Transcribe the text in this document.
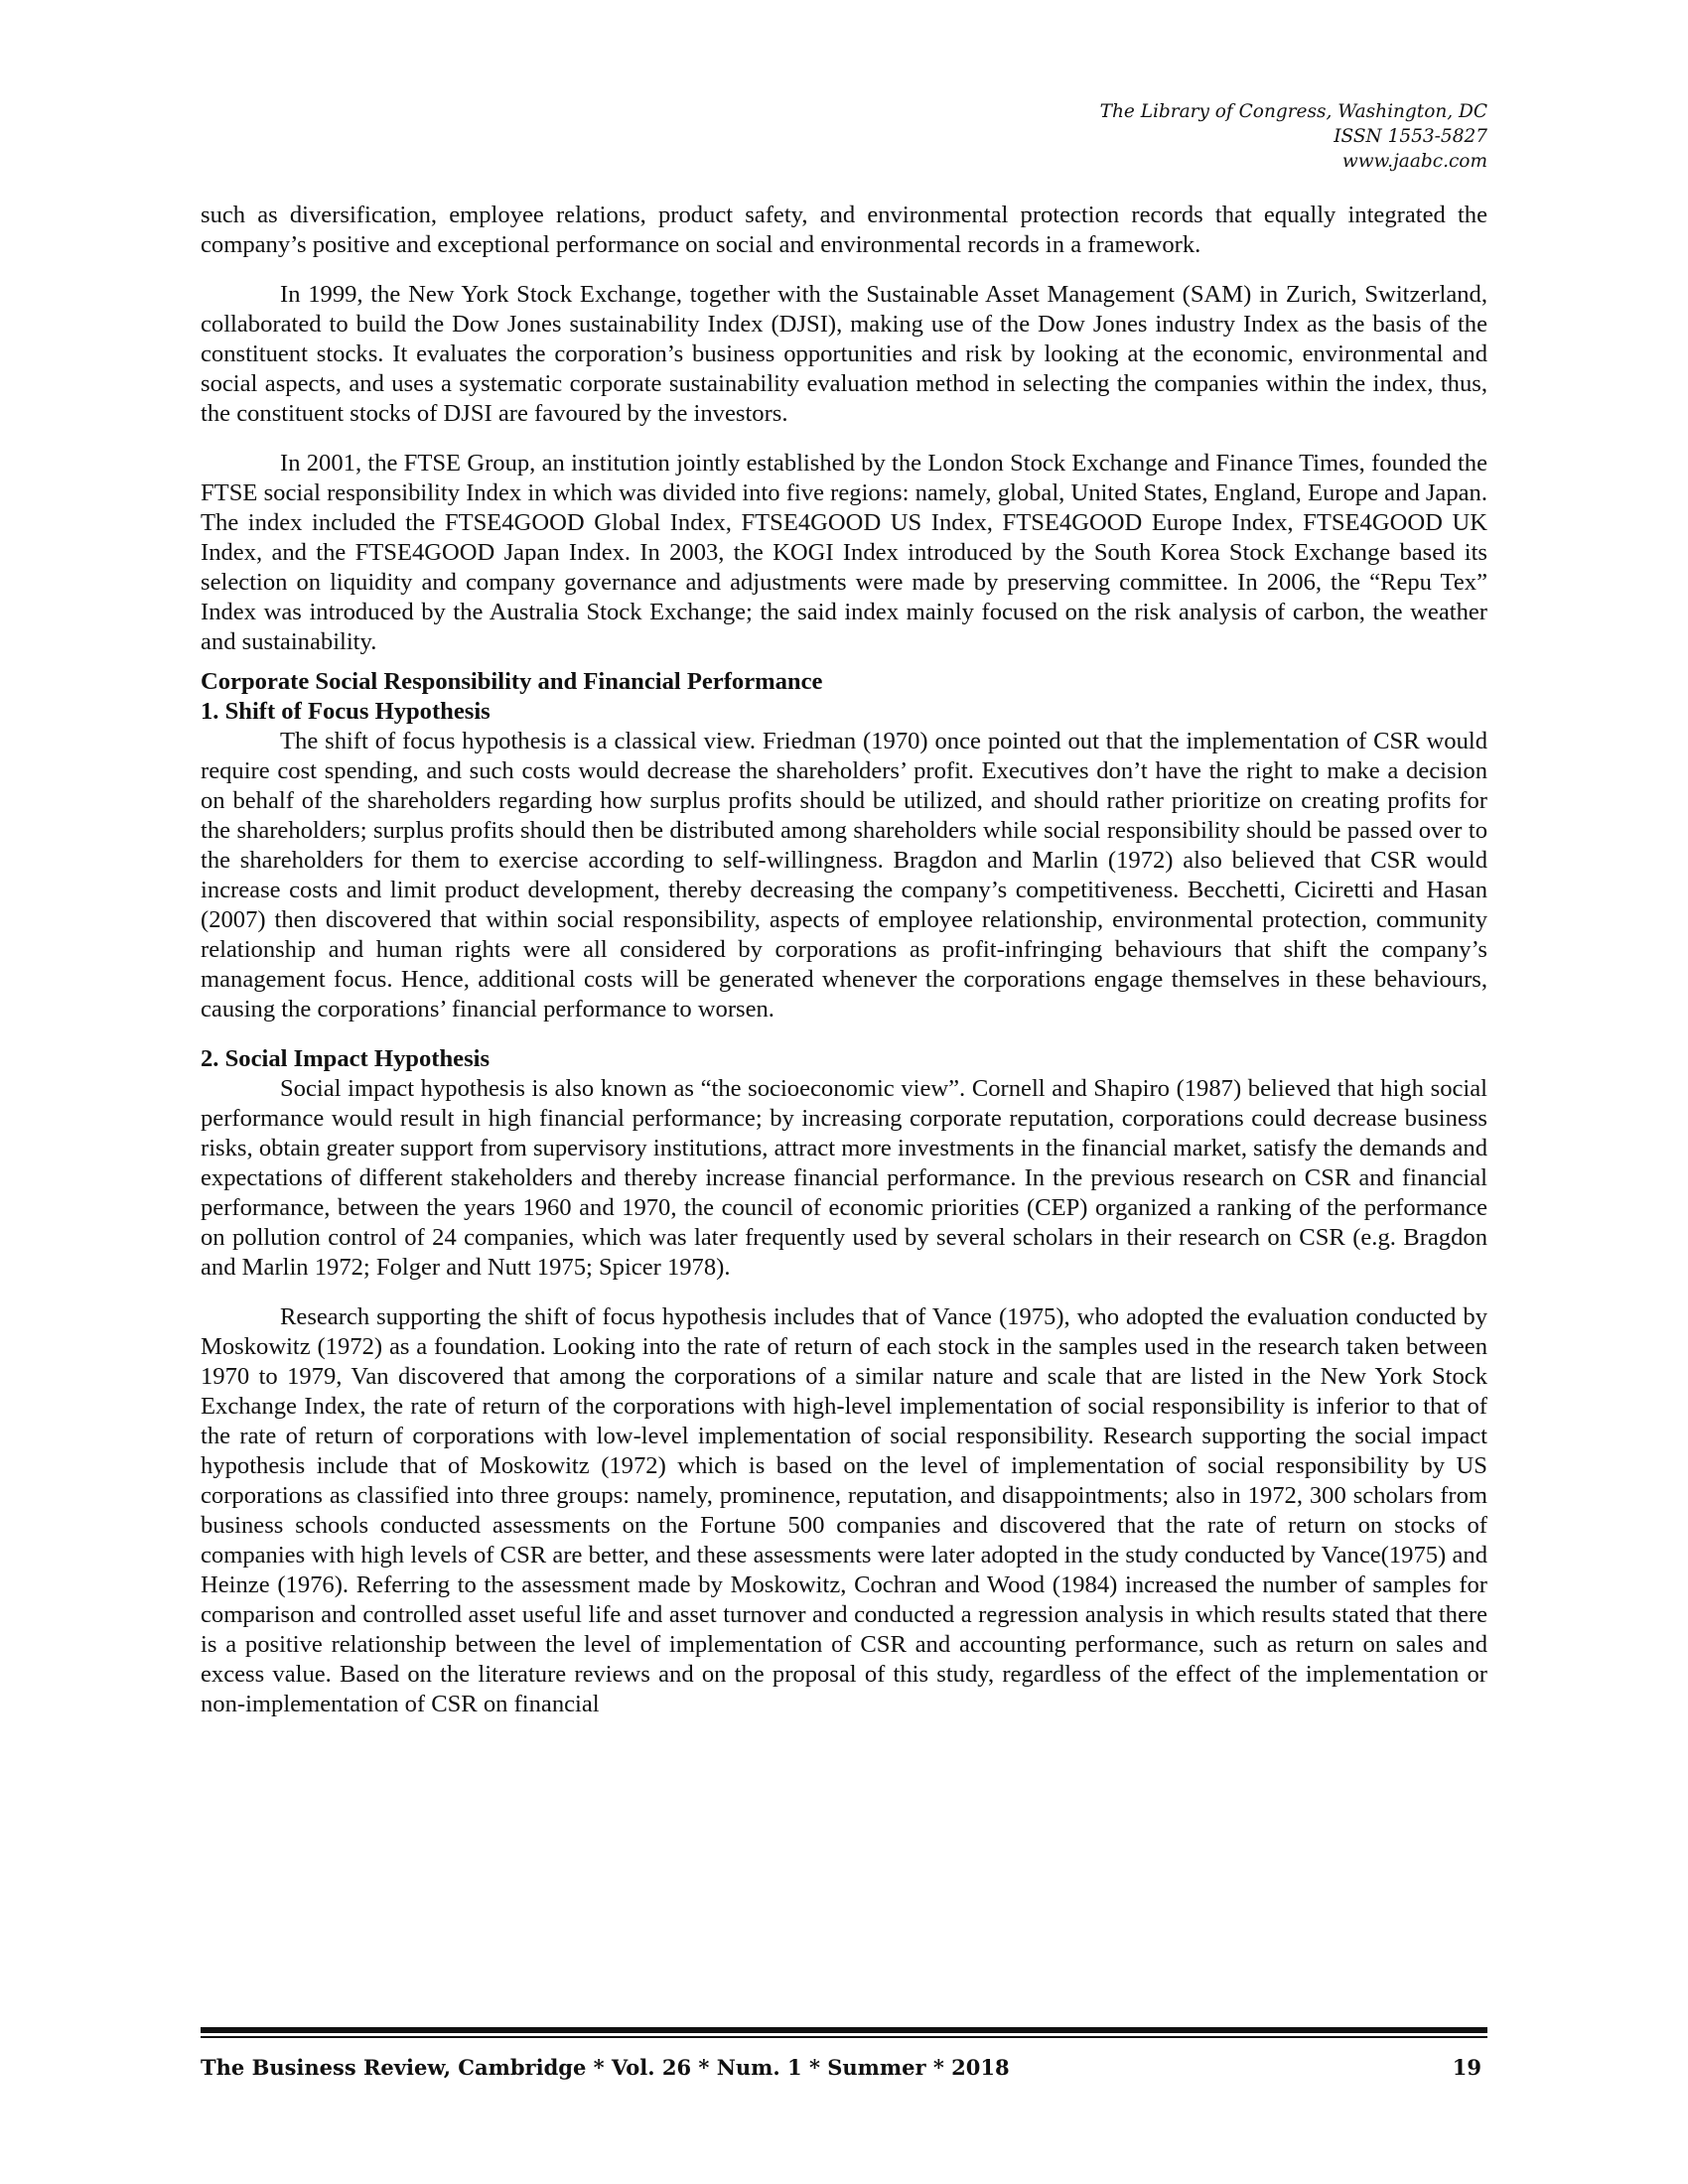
The Library of Congress, Washington, DC
ISSN 1553-5827
www.jaabc.com

such as diversification, employee relations, product safety, and environmental protection records that equally integrated the company’s positive and exceptional performance on social and environmental records in a framework.

In 1999, the New York Stock Exchange, together with the Sustainable Asset Management (SAM) in Zurich, Switzerland, collaborated to build the Dow Jones sustainability Index (DJSI), making use of the Dow Jones industry Index as the basis of the constituent stocks. It evaluates the corporation’s business opportunities and risk by looking at the economic, environmental and social aspects, and uses a systematic corporate sustainability evaluation method in selecting the companies within the index, thus, the constituent stocks of DJSI are favoured by the investors.

In 2001, the FTSE Group, an institution jointly established by the London Stock Exchange and Finance Times, founded the FTSE social responsibility Index in which was divided into five regions: namely, global, United States, England, Europe and Japan. The index included the FTSE4GOOD Global Index, FTSE4GOOD US Index, FTSE4GOOD Europe Index, FTSE4GOOD UK Index, and the FTSE4GOOD Japan Index. In 2003, the KOGI Index introduced by the South Korea Stock Exchange based its selection on liquidity and company governance and adjustments were made by preserving committee. In 2006, the “Repu Tex” Index was introduced by the Australia Stock Exchange; the said index mainly focused on the risk analysis of carbon, the weather and sustainability.

Corporate Social Responsibility and Financial Performance

1. Shift of Focus Hypothesis

The shift of focus hypothesis is a classical view. Friedman (1970) once pointed out that the implementation of CSR would require cost spending, and such costs would decrease the shareholders’ profit. Executives don’t have the right to make a decision on behalf of the shareholders regarding how surplus profits should be utilized, and should rather prioritize on creating profits for the shareholders; surplus profits should then be distributed among shareholders while social responsibility should be passed over to the shareholders for them to exercise according to self-willingness. Bragdon and Marlin (1972) also believed that CSR would increase costs and limit product development, thereby decreasing the company’s competitiveness. Becchetti, Ciciretti and Hasan (2007) then discovered that within social responsibility, aspects of employee relationship, environmental protection, community relationship and human rights were all considered by corporations as profit-infringing behaviours that shift the company’s management focus. Hence, additional costs will be generated whenever the corporations engage themselves in these behaviours, causing the corporations’ financial performance to worsen.

2. Social Impact Hypothesis

Social impact hypothesis is also known as “the socioeconomic view”. Cornell and Shapiro (1987) believed that high social performance would result in high financial performance; by increasing corporate reputation, corporations could decrease business risks, obtain greater support from supervisory institutions, attract more investments in the financial market, satisfy the demands and expectations of different stakeholders and thereby increase financial performance. In the previous research on CSR and financial performance, between the years 1960 and 1970, the council of economic priorities (CEP) organized a ranking of the performance on pollution control of 24 companies, which was later frequently used by several scholars in their research on CSR (e.g. Bragdon and Marlin 1972; Folger and Nutt 1975; Spicer 1978).

Research supporting the shift of focus hypothesis includes that of Vance (1975), who adopted the evaluation conducted by Moskowitz (1972) as a foundation. Looking into the rate of return of each stock in the samples used in the research taken between 1970 to 1979, Van discovered that among the corporations of a similar nature and scale that are listed in the New York Stock Exchange Index, the rate of return of the corporations with high-level implementation of social responsibility is inferior to that of the rate of return of corporations with low-level implementation of social responsibility. Research supporting the social impact hypothesis include that of Moskowitz (1972) which is based on the level of implementation of social responsibility by US corporations as classified into three groups: namely, prominence, reputation, and disappointments; also in 1972, 300 scholars from business schools conducted assessments on the Fortune 500 companies and discovered that the rate of return on stocks of companies with high levels of CSR are better, and these assessments were later adopted in the study conducted by Vance(1975) and Heinze (1976). Referring to the assessment made by Moskowitz, Cochran and Wood (1984) increased the number of samples for comparison and controlled asset useful life and asset turnover and conducted a regression analysis in which results stated that there is a positive relationship between the level of implementation of CSR and accounting performance, such as return on sales and excess value. Based on the literature reviews and on the proposal of this study, regardless of the effect of the implementation or non-implementation of CSR on financial

The Business Review, Cambridge * Vol. 26 * Num. 1 * Summer * 2018	19
